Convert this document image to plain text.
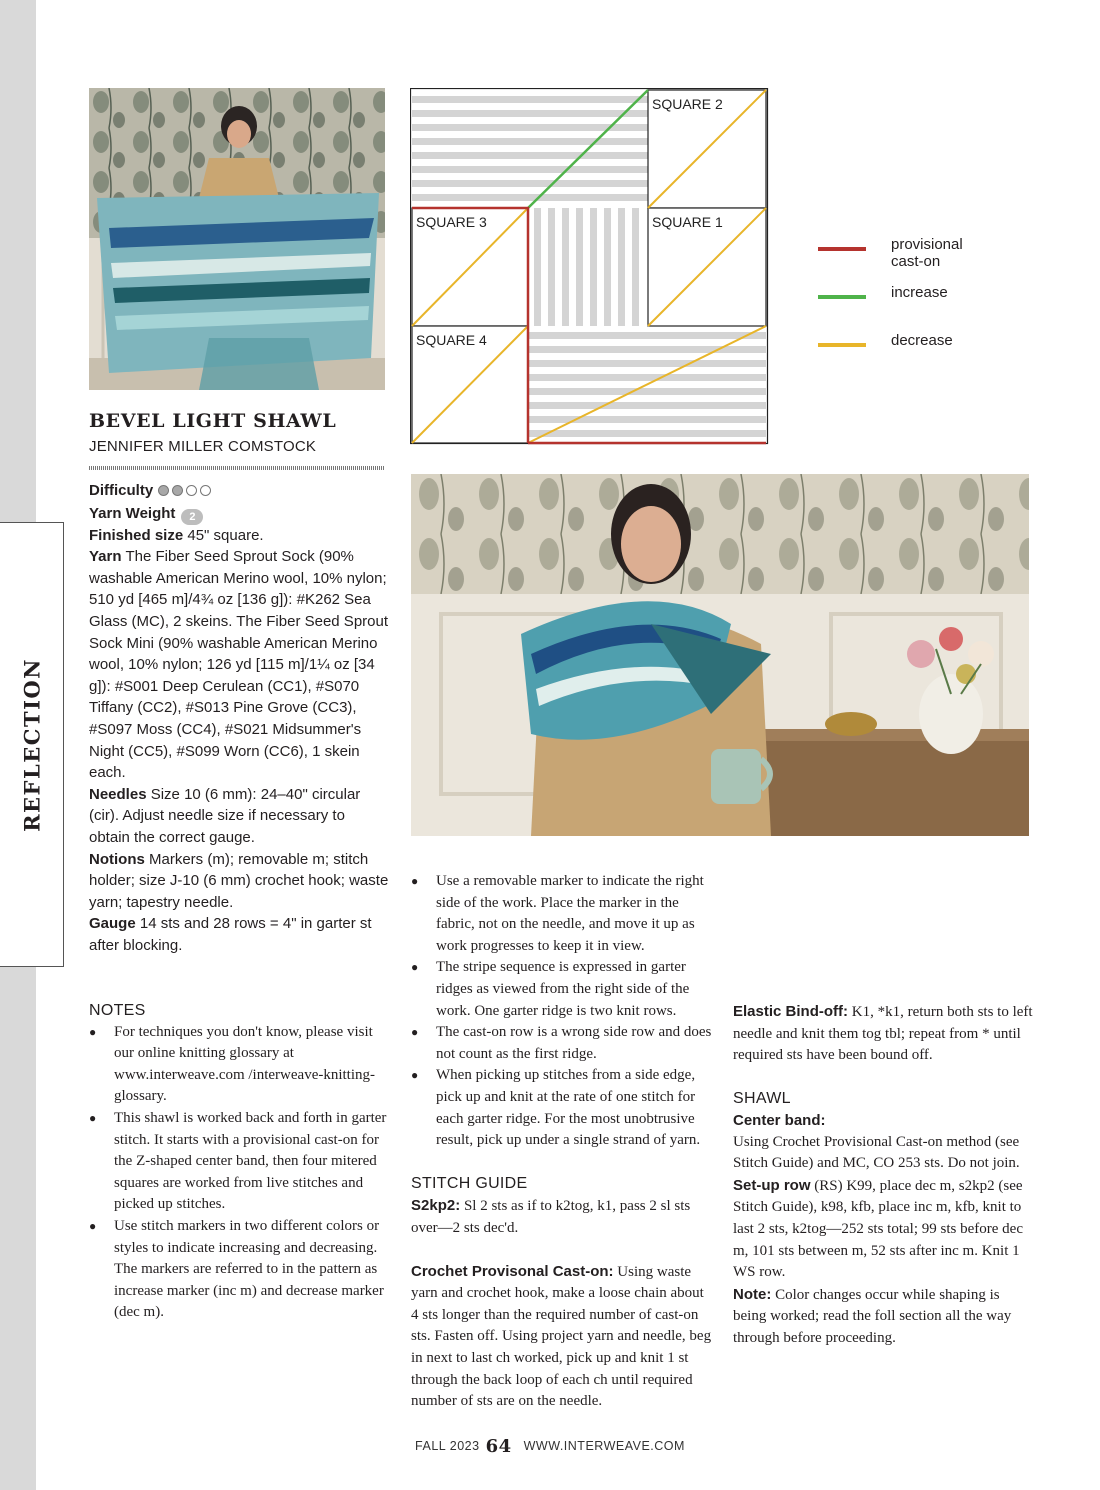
REFLECTION
SQUARE 2
SQUARE 1
SQUARE 3
SQUARE 4
provisional cast-on
increase
decrease
BEVEL LIGHT SHAWL
JENNIFER MILLER COMSTOCK

Difficulty

Yarn Weight 2

Finished size 45" square.

Yarn The Fiber Seed Sprout Sock (90% washable American Merino wool, 10% nylon; 510 yd [465 m]/4¾ oz [136 g]): #K262 Sea Glass (MC), 2 skeins. The Fiber Seed Sprout Sock Mini (90% washable American Merino wool, 10% nylon; 126 yd [115 m]/1¼ oz [34 g]): #S001 Deep Cerulean (CC1), #S070 Tiffany (CC2), #S013 Pine Grove (CC3), #S097 Moss (CC4), #S021 Midsummer's Night (CC5), #S099 Worn (CC6), 1 skein each.

Needles Size 10 (6 mm): 24–40" circular (cir). Adjust needle size if necessary to obtain the correct gauge.

Notions Markers (m); removable m; stitch holder; size J-10 (6 mm) crochet hook; waste yarn; tapestry needle.

Gauge 14 sts and 28 rows = 4" in garter st after blocking.

NOTES
● For techniques you don't know, please visit our online knitting glossary at www.interweave.com /interweave-knitting-glossary.
● This shawl is worked back and forth in garter stitch. It starts with a provisional cast-on for the Z-shaped center band, then four mitered squares are worked from live stitches and picked up stitches.
● Use stitch markers in two different colors or styles to indicate increasing and decreasing. The markers are referred to in the pattern as increase marker (inc m) and decrease marker (dec m).
● Use a removable marker to indicate the right side of the work. Place the marker in the fabric, not on the needle, and move it up as work progresses to keep it in view.
● The stripe sequence is expressed in garter ridges as viewed from the right side of the work. One garter ridge is two knit rows.
● The cast-on row is a wrong side row and does not count as the first ridge.
● When picking up stitches from a side edge, pick up and knit at the rate of one stitch for each garter ridge. For the most unobtrusive result, pick up under a single strand of yarn.
STITCH GUIDE

S2kp2: Sl 2 sts as if to k2tog, k1, pass 2 sl sts over—2 sts dec'd.

Crochet Provisonal Cast-on: Using waste yarn and crochet hook, make a loose chain about 4 sts longer than the required number of cast-on sts. Fasten off. Using project yarn and needle, beg in next to last ch worked, pick up and knit 1 st through the back loop of each ch until required number of sts are on the needle.

Elastic Bind-off: K1, *k1, return both sts to left needle and knit them tog tbl; repeat from * until required sts have been bound off.

SHAWL

Center band:

Using Crochet Provisional Cast-on method (see Stitch Guide) and MC, CO 253 sts. Do not join.

Set-up row (RS) K99, place dec m, s2kp2 (see Stitch Guide), k98, kfb, place inc m, kfb, knit to last 2 sts, k2tog—252 sts total; 99 sts before dec m, 101 sts between m, 52 sts after inc m. Knit 1 WS row.

Note: Color changes occur while shaping is being worked; read the foll section all the way through before proceeding.

FALL 2023 64 WWW.INTERWEAVE.COM
